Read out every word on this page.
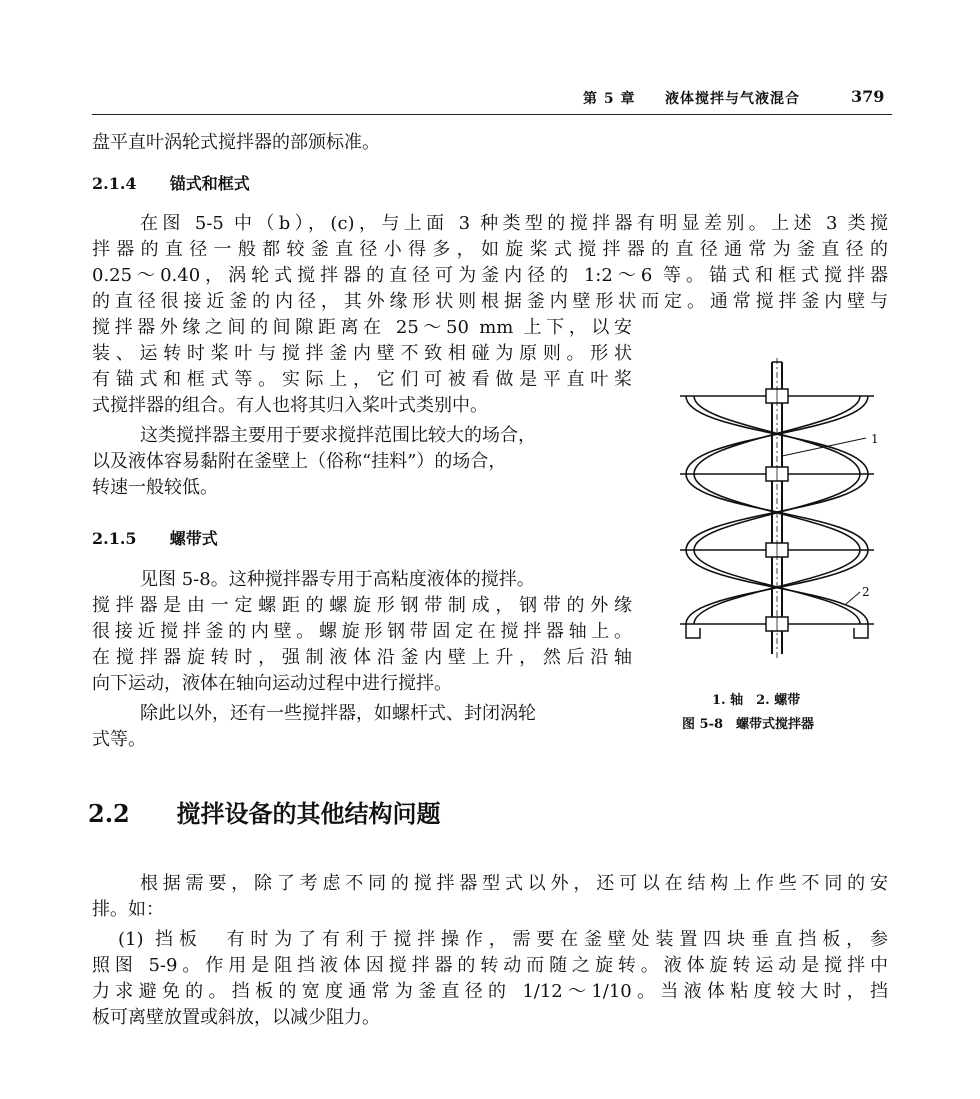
第 5 章 液体搅拌与气液混合	379
盘平直叶涡轮式搅拌器的部颁标准。
2.1.4 锚式和框式
在图 5-5 中（b），(c)，与上面 3 种类型的搅拌器有明显差别。上述 3 类搅
拌器的直径一般都较釜直径小得多，如旋桨式搅拌器的直径通常为釜直径的
0.25～0.40，涡轮式搅拌器的直径可为釜内径的 1:2～6 等。锚式和框式搅拌器
的直径很接近釜的内径，其外缘形状则根据釜内壁形状而定。通常搅拌釜内壁与
搅拌器外缘之间的间隙距离在 25～50 mm 上下，以安
装、运转时桨叶与搅拌釜内壁不致相碰为原则。形状
有锚式和框式等。实际上，它们可被看做是平直叶桨
式搅拌器的组合。有人也将其归入桨叶式类别中。
这类搅拌器主要用于要求搅拌范围比较大的场合，
以及液体容易黏附在釜壁上（俗称“挂料”）的场合，
转速一般较低。
2.1.5 螺带式
见图 5-8。这种搅拌器专用于高粘度液体的搅拌。
搅拌器是由一定螺距的螺旋形钢带制成，钢带的外缘
很接近搅拌釜的内壁。螺旋形钢带固定在搅拌器轴上。
在搅拌器旋转时，强制液体沿釜内壁上升，然后沿轴
向下运动，液体在轴向运动过程中进行搅拌。
除此以外，还有一些搅拌器，如螺杆式、封闭涡轮
式等。
1
2
1. 轴　2. 螺带
图 5-8　螺带式搅拌器
2.2 搅拌设备的其他结构问题
根据需要，除了考虑不同的搅拌器型式以外，还可以在结构上作些不同的安
排。如：
(1) 挡板　有时为了有利于搅拌操作，需要在釜壁处装置四块垂直挡板，参
照图 5-9。作用是阻挡液体因搅拌器的转动而随之旋转。液体旋转运动是搅拌中
力求避免的。挡板的宽度通常为釜直径的 1/12～1/10。当液体粘度较大时，挡
板可离壁放置或斜放，以减少阻力。
